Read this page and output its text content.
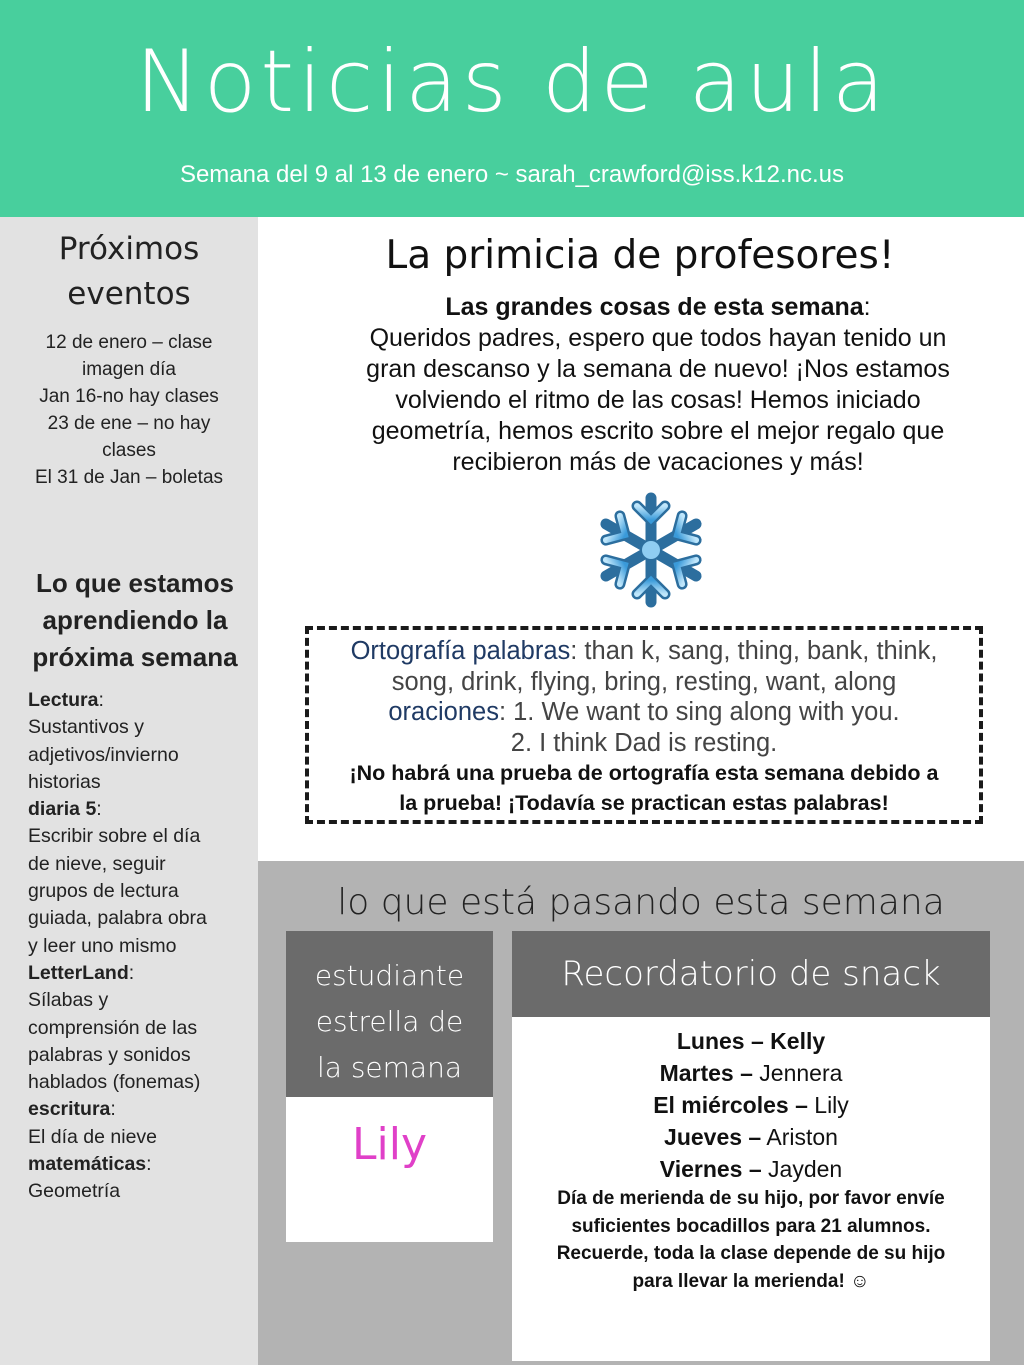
Noticias de aula
Semana del 9 al 13 de enero ~ sarah_crawford@iss.k12.nc.us
Próximos
eventos
12 de enero – clase
imagen día
Jan 16-no hay clases
23 de ene – no hay
clases
El 31 de Jan – boletas
Lo que estamos aprendiendo la próxima semana
Lectura:
Sustantivos y
adjetivos/invierno
historias
diaria 5:
Escribir sobre el día
de nieve, seguir
grupos de lectura
guiada, palabra obra
y leer uno mismo
LetterLand:
Sílabas y
comprensión de las
palabras y sonidos
hablados (fonemas)
escritura:
El día de nieve
matemáticas:
Geometría
La primicia de profesores!
Las grandes cosas de esta semana:
Queridos padres, espero que todos hayan tenido un
gran descanso y la semana de nuevo! ¡Nos estamos
volviendo el ritmo de las cosas! Hemos iniciado
geometría, hemos escrito sobre el mejor regalo que
recibieron más de vacaciones y más!
Ortografía palabras: than k, sang, thing, bank, think,
song, drink, flying, bring, resting, want, along
oraciones: 1. We want to sing along with you.
2. I think Dad is resting.
¡No habrá una prueba de ortografía esta semana debido a
la prueba! ¡Todavía se practican estas palabras!
lo que está pasando esta semana
estudiante
estrella de
la semana
Lily
Recordatorio de snack
Lunes – Kelly
Martes – Jennera
El miércoles – Lily
Jueves – Ariston
Viernes – Jayden
Día de merienda de su hijo, por favor envíe
suficientes bocadillos para 21 alumnos.
Recuerde, toda la clase depende de su hijo
para llevar la merienda! ☺
